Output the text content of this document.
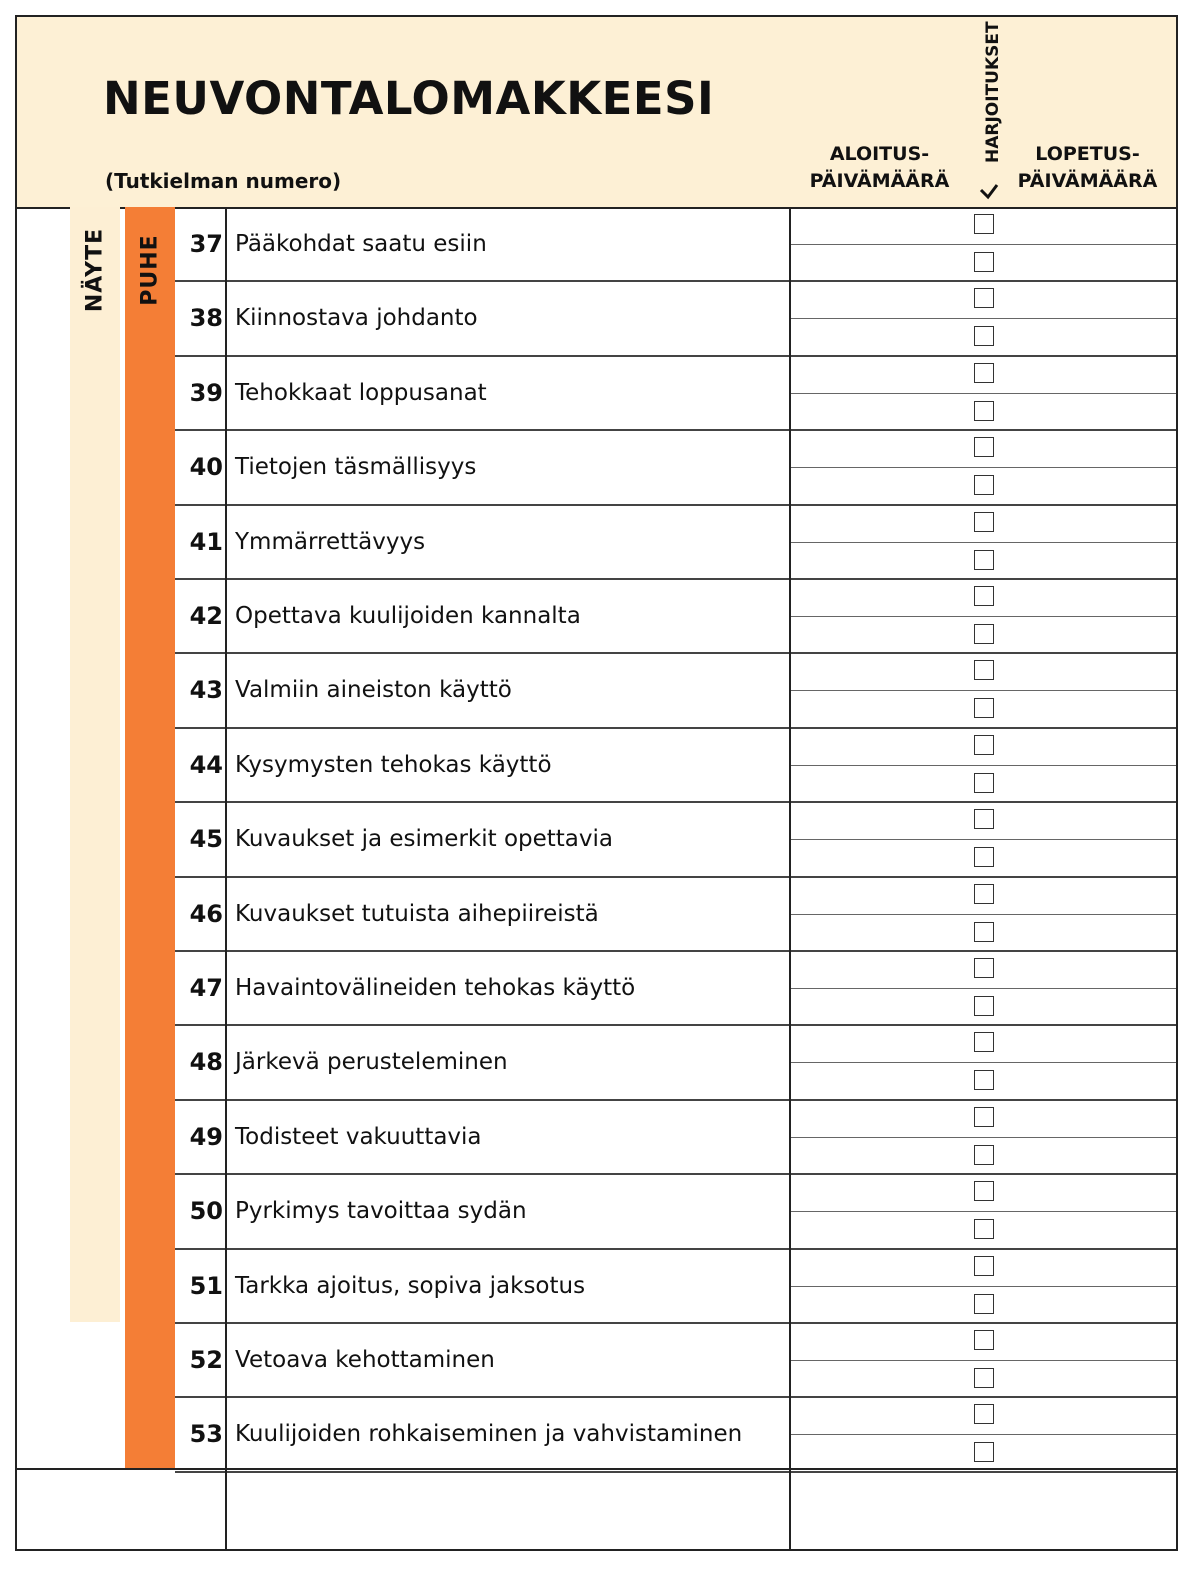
NEUVONTALOMAKKEESI
(Tutkielman numero)
ALOITUS-
PÄIVÄMÄÄRÄ
HARJOITUKSET	LOPETUS-
PÄIVÄMÄÄRÄ
NÄYTE PUHE	37 Pääkohdat saatu esiin
38 Kiinnostava johdanto
39 Tehokkaat loppusanat
40 Tietojen täsmällisyys
41 Ymmärrettävyys
42 Opettava kuulijoiden kannalta
43 Valmiin aineiston käyttö
44 Kysymysten tehokas käyttö
45 Kuvaukset ja esimerkit opettavia
46 Kuvaukset tutuista aihepiireistä
47 Havaintovälineiden tehokas käyttö
48 Järkevä perusteleminen
49 Todisteet vakuuttavia
50 Pyrkimys tavoittaa sydän
51 Tarkka ajoitus, sopiva jaksotus
52 Vetoava kehottaminen
53 Kuulijoiden rohkaiseminen ja vahvistaminen
